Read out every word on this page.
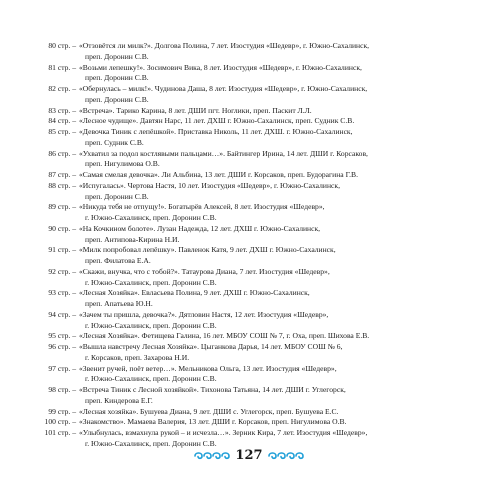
80 стр. – «Отзовётся ли милк?». Долгова Полина, 7 лет. Изостудия «Шедевр», г. Южно-Сахалинск,
преп. Доронин С.В.
81 стр. – «Возьми лепешку!». Зосимович Вика, 8 лет. Изостудия «Шедевр», г. Южно-Сахалинск,
преп. Доронин С.В.
82 стр. – «Обернулась – милк!». Чудинова Даша, 8 лет. Изостудия «Шедевр», г. Южно-Сахалинск,
преп. Доронин С.В.
83 стр. – «Встреча». Тарико Карина, 8 лет. ДШИ пгт. Ноглики, преп. Паскит Л.Л.
84 стр. – «Лесное чудище». Давтян Нарс, 11 лет. ДХШ г. Южно-Сахалинск, преп. Судник С.В.
85 стр. – «Девочка Тиник с лепёшкой». Приставка Николь, 11 лет. ДХШ. г. Южно-Сахалинск,
преп. Судник С.В.
86 стр. – «Ухватил за подол костлявыми пальцами…». Байтингер Ирина, 14 лет. ДШИ г. Корсаков,
преп. Нигулимова О.В.
87 стр. – «Самая смелая девочка». Ли Альбина, 13 лет. ДШИ г. Корсаков, преп. Будорагина Г.В.
88 стр. – «Испугалась». Чертова Настя, 10 лет. Изостудия «Шедевр», г. Южно-Сахалинск,
преп. Доронин С.В.
89 стр. – «Никуда тебя не отпущу!». Богатырёв Алексей, 8 лет. Изостудия «Шедевр»,
г. Южно-Сахалинск, преп. Доронин С.В.
90 стр. – «На Кочкином болоте». Лузан Надежда, 12 лет. ДХШ г. Южно-Сахалинск,
преп. Антипова-Кирина Н.И.
91 стр. – «Милк попробовал лепёшку». Павленок Катя, 9 лет. ДХШ г. Южно-Сахалинск,
преп. Филатова Е.А.
92 стр. – «Скажи, внучка, что с тобой?». Татаурова Диана, 7 лет. Изостудия «Шедевр»,
г. Южно-Сахалинск, преп. Доронин С.В.
93 стр. – «Лесная Хозяйка». Евласьева Полина, 9 лет. ДХШ г. Южно-Сахалинск,
преп. Апатьева Ю.Н.
94 стр. – «Зачем ты пришла, девочка?». Дятловин Настя, 12 лет. Изостудия «Шедевр»,
г. Южно-Сахалинск, преп. Доронин С.В.
95 стр. – «Лесная Хозяйка». Фетищева Галина, 16 лет. МБОУ СОШ № 7, г. Оха, преп. Шихова Е.В.
96 стр. – «Вышла навстречу Лесная Хозяйка». Цыганкова Дарья, 14 лет. МБОУ СОШ № 6,
г. Корсаков, преп. Захарова Н.И.
97 стр. – «Звенит ручей, поёт ветер…». Мельникова Ольга, 13 лет. Изостудия «Шедевр»,
г. Южно-Сахалинск, преп. Доронин С.В.
98 стр. – «Встреча Тиник с Лесной хозяйкой». Тихонова Татьяна, 14 лет. ДШИ г. Углегорск,
преп. Киндерова Е.Г.
99 стр. – «Лесная хозяйка». Бушуева Диана, 9 лет. ДШИ с. Углегорск, преп. Бушуева Е.С.
100 стр. – «Знакомство». Мамаева Валерия, 13 лет. ДШИ г. Корсаков, преп. Нигулимова О.В.
101 стр. – «Улыбнулась, взмахнула рукой – и исчезла…». Зерник Кира, 7 лет. Изостудия «Шедевр»,
г. Южно-Сахалинск, преп. Доронин С.В.
127
